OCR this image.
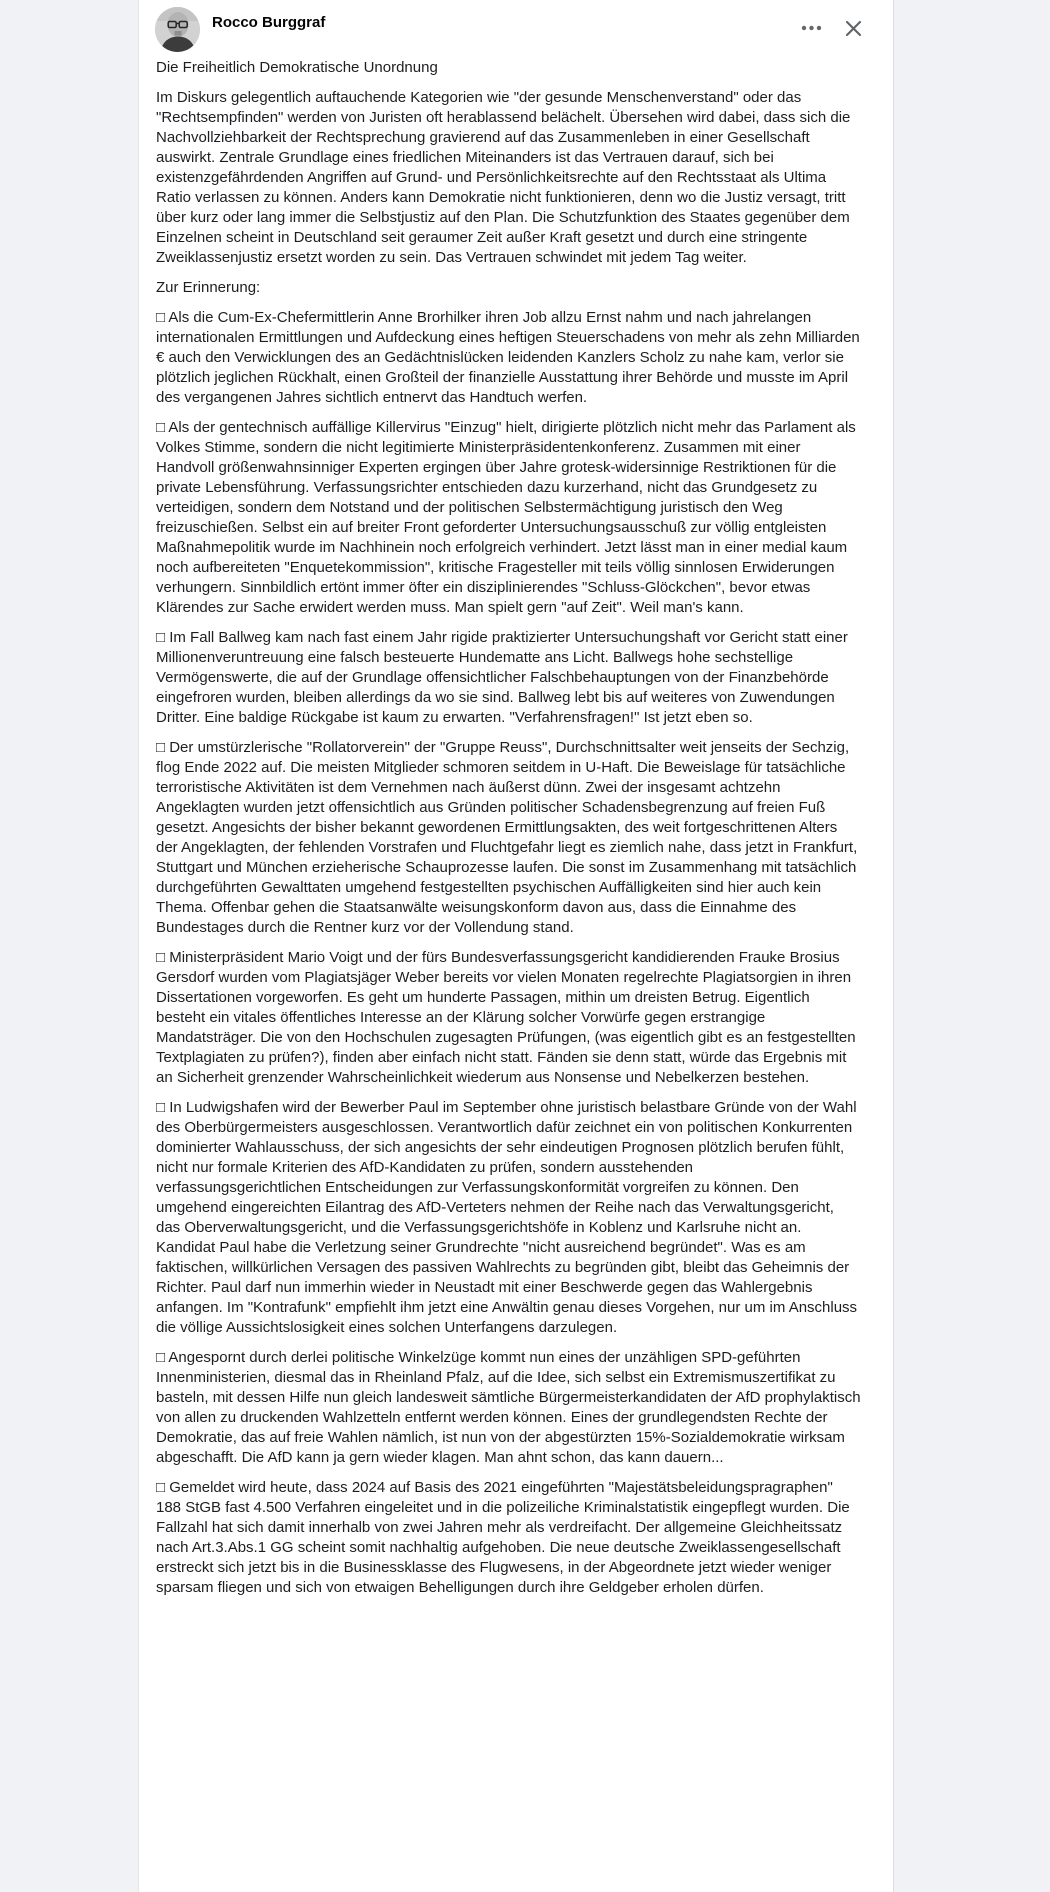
Rocco Burggraf

Die Freiheitlich Demokratische Unordnung

Im Diskurs gelegentlich auftauchende Kategorien wie "der gesunde Menschenverstand" oder das "Rechtsempfinden" werden von Juristen oft herablassend belächelt. Übersehen wird dabei, dass sich die Nachvollziehbarkeit der Rechtsprechung gravierend auf das Zusammenleben in einer Gesellschaft auswirkt. Zentrale Grundlage eines friedlichen Miteinanders ist das Vertrauen darauf, sich bei existenzgefährdenden Angriffen auf Grund- und Persönlichkeitsrechte auf den Rechtsstaat als Ultima Ratio verlassen zu können. Anders kann Demokratie nicht funktionieren, denn wo die Justiz versagt, tritt über kurz oder lang immer die Selbstjustiz auf den Plan. Die Schutzfunktion des Staates gegenüber dem Einzelnen scheint in Deutschland seit geraumer Zeit außer Kraft gesetzt und durch eine stringente Zweiklassenjustiz ersetzt worden zu sein. Das Vertrauen schwindet mit jedem Tag weiter.

Zur Erinnerung:

□ Als die Cum-Ex-Chefermittlerin Anne Brorhilker ihren Job allzu Ernst nahm und nach jahrelangen internationalen Ermittlungen und Aufdeckung eines heftigen Steuerschadens von mehr als zehn Milliarden € auch den Verwicklungen des an Gedächtnislücken leidenden Kanzlers Scholz zu nahe kam, verlor sie plötzlich jeglichen Rückhalt, einen Großteil der finanzielle Ausstattung ihrer Behörde und musste im April des vergangenen Jahres sichtlich entnervt das Handtuch werfen.

□ Als der gentechnisch auffällige Killervirus "Einzug" hielt, dirigierte plötzlich nicht mehr das Parlament als Volkes Stimme, sondern die nicht legitimierte Ministerpräsidentenkonferenz. Zusammen mit einer Handvoll größenwahnsinniger Experten ergingen über Jahre grotesk-widersinnige Restriktionen für die private Lebensführung. Verfassungsrichter entschieden dazu kurzerhand, nicht das Grundgesetz zu verteidigen, sondern dem Notstand und der politischen Selbstermächtigung juristisch den Weg freizuschießen. Selbst ein auf breiter Front geforderter Untersuchungsausschuß zur völlig entgleisten Maßnahmepolitik wurde im Nachhinein noch erfolgreich verhindert. Jetzt lässt man in einer medial kaum noch aufbereiteten "Enquetekommission", kritische Fragesteller mit teils völlig sinnlosen Erwiderungen verhungern. Sinnbildlich ertönt immer öfter ein disziplinierendes "Schluss-Glöckchen", bevor etwas Klärendes zur Sache erwidert werden muss. Man spielt gern "auf Zeit". Weil man's kann.

□ Im Fall Ballweg kam nach fast einem Jahr rigide praktizierter Untersuchungshaft vor Gericht statt einer Millionenveruntreuung eine falsch besteuerte Hundematte ans Licht. Ballwegs hohe sechstellige Vermögenswerte, die auf der Grundlage offensichtlicher Falschbehauptungen von der Finanzbehörde eingefroren wurden, bleiben allerdings da wo sie sind. Ballweg lebt bis auf weiteres von Zuwendungen Dritter. Eine baldige Rückgabe ist kaum zu erwarten. "Verfahrensfragen!" Ist jetzt eben so.

□ Der umstürzlerische "Rollatorverein" der "Gruppe Reuss", Durchschnittsalter weit jenseits der Sechzig, flog Ende 2022 auf. Die meisten Mitglieder schmoren seitdem in U-Haft. Die Beweislage für tatsächliche terroristische Aktivitäten ist dem Vernehmen nach äußerst dünn. Zwei der insgesamt achtzehn Angeklagten wurden jetzt offensichtlich aus Gründen politischer Schadensbegrenzung auf freien Fuß gesetzt. Angesichts der bisher bekannt gewordenen Ermittlungsakten, des weit fortgeschrittenen Alters der Angeklagten, der fehlenden Vorstrafen und Fluchtgefahr liegt es ziemlich nahe, dass jetzt in Frankfurt, Stuttgart und München erzieherische Schauprozesse laufen. Die sonst im Zusammenhang mit tatsächlich durchgeführten Gewalttaten umgehend festgestellten psychischen Auffälligkeiten sind hier auch kein Thema. Offenbar gehen die Staatsanwälte weisungskonform davon aus, dass die Einnahme des Bundestages durch die Rentner kurz vor der Vollendung stand.

□ Ministerpräsident Mario Voigt und der fürs Bundesverfassungsgericht kandidierenden Frauke Brosius Gersdorf wurden vom Plagiatsjäger Weber bereits vor vielen Monaten regelrechte Plagiatsorgien in ihren Dissertationen vorgeworfen. Es geht um hunderte Passagen, mithin um dreisten Betrug. Eigentlich besteht ein vitales öffentliches Interesse an der Klärung solcher Vorwürfe gegen erstrangige Mandatsträger. Die von den Hochschulen zugesagten Prüfungen, (was eigentlich gibt es an festgestellten Textplagiaten zu prüfen?), finden aber einfach nicht statt. Fänden sie denn statt, würde das Ergebnis mit an Sicherheit grenzender Wahrscheinlichkeit wiederum aus Nonsense und Nebelkerzen bestehen.

□ In Ludwigshafen wird der Bewerber Paul im September ohne juristisch belastbare Gründe von der Wahl des Oberbürgermeisters ausgeschlossen. Verantwortlich dafür zeichnet ein von politischen Konkurrenten dominierter Wahlausschuss, der sich angesichts der sehr eindeutigen Prognosen plötzlich berufen fühlt, nicht nur formale Kriterien des AfD-Kandidaten zu prüfen, sondern ausstehenden verfassungsgerichtlichen Entscheidungen zur Verfassungskonformität vorgreifen zu können. Den umgehend eingereichten Eilantrag des AfD-Verteters nehmen der Reihe nach das Verwaltungsgericht, das Oberverwaltungsgericht, und die Verfassungsgerichtshöfe in Koblenz und Karlsruhe nicht an. Kandidat Paul habe die Verletzung seiner Grundrechte "nicht ausreichend begründet". Was es am faktischen, willkürlichen Versagen des passiven Wahlrechts zu begründen gibt, bleibt das Geheimnis der Richter. Paul darf nun immerhin wieder in Neustadt mit einer Beschwerde gegen das Wahlergebnis anfangen. Im "Kontrafunk" empfiehlt ihm jetzt eine Anwältin genau dieses Vorgehen, nur um im Anschluss die völlige Aussichtslosigkeit eines solchen Unterfangens darzulegen.

□ Angespornt durch derlei politische Winkelzüge kommt nun eines der unzähligen SPD-geführten Innenministerien, diesmal das in Rheinland Pfalz, auf die Idee, sich selbst ein Extremismuszertifikat zu basteln, mit dessen Hilfe nun gleich landesweit sämtliche Bürgermeisterkandidaten der AfD prophylaktisch von allen zu druckenden Wahlzetteln entfernt werden können. Eines der grundlegendsten Rechte der Demokratie, das auf freie Wahlen nämlich, ist nun von der abgestürzten 15%-Sozialdemokratie wirksam abgeschafft. Die AfD kann ja gern wieder klagen. Man ahnt schon, das kann dauern...

□ Gemeldet wird heute, dass 2024 auf Basis des 2021 eingeführten "Majestätsbeleidungspragraphen" 188 StGB fast 4.500 Verfahren eingeleitet und in die polizeiliche Kriminalstatistik eingepflegt wurden. Die Fallzahl hat sich damit innerhalb von zwei Jahren mehr als verdreifacht. Der allgemeine Gleichheitssatz nach Art.3.Abs.1 GG scheint somit nachhaltig aufgehoben. Die neue deutsche Zweiklassengesellschaft erstreckt sich jetzt bis in die Businessklasse des Flugwesens, in der Abgeordnete jetzt wieder weniger sparsam fliegen und sich von etwaigen Behelligungen durch ihre Geldgeber erholen dürfen.
